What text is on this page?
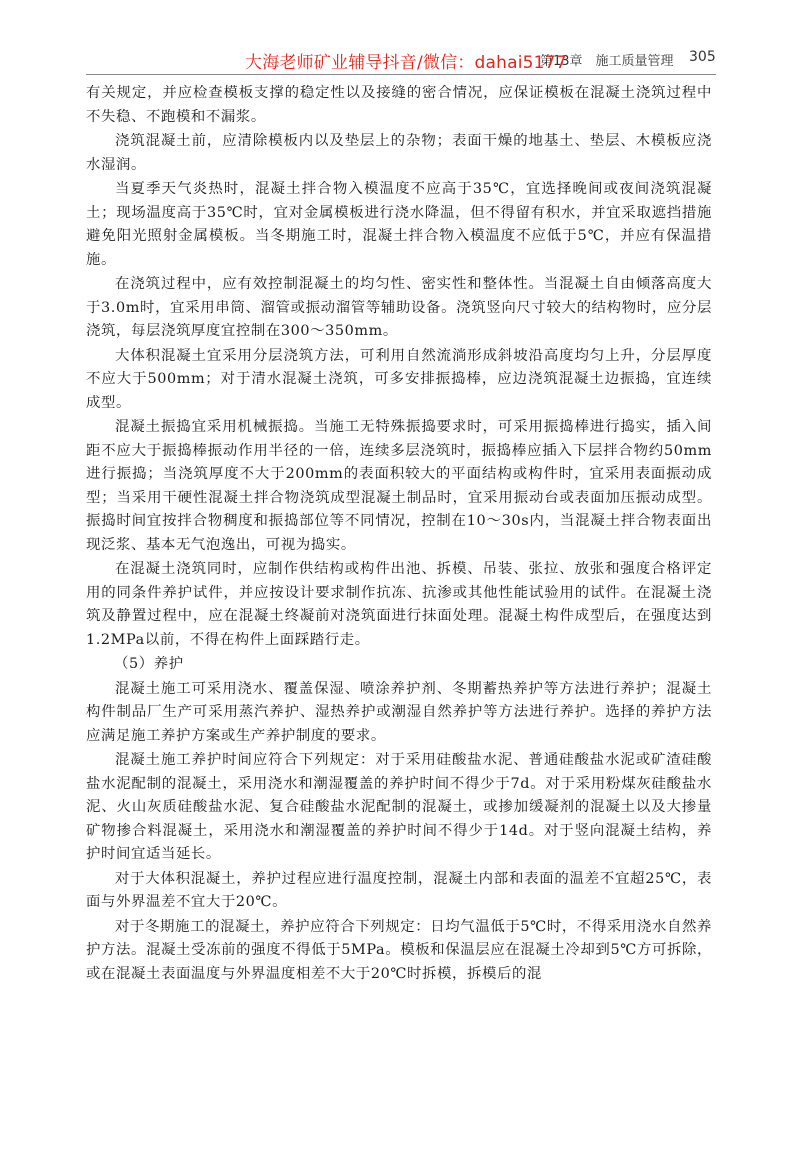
第13章　施工质量管理 305
大海老师矿业辅导抖音/微信：dahai5177

有关规定，并应检查模板支撑的稳定性以及接缝的密合情况，应保证模板在混凝土浇筑过程中不失稳、不跑模和不漏浆。

浇筑混凝土前，应清除模板内以及垫层上的杂物；表面干燥的地基土、垫层、木模板应浇水湿润。

当夏季天气炎热时，混凝土拌合物入模温度不应高于35℃，宜选择晚间或夜间浇筑混凝土；现场温度高于35℃时，宜对金属模板进行浇水降温，但不得留有积水，并宜采取遮挡措施避免阳光照射金属模板。当冬期施工时，混凝土拌合物入模温度不应低于5℃，并应有保温措施。

在浇筑过程中，应有效控制混凝土的均匀性、密实性和整体性。当混凝土自由倾落高度大于3.0m时，宜采用串筒、溜管或振动溜管等辅助设备。浇筑竖向尺寸较大的结构物时，应分层浇筑，每层浇筑厚度宜控制在300～350mm。

大体积混凝土宜采用分层浇筑方法，可利用自然流淌形成斜坡沿高度均匀上升，分层厚度不应大于500mm；对于清水混凝土浇筑，可多安排振捣棒，应边浇筑混凝土边振捣，宜连续成型。

混凝土振捣宜采用机械振捣。当施工无特殊振捣要求时，可采用振捣棒进行捣实，插入间距不应大于振捣棒振动作用半径的一倍，连续多层浇筑时，振捣棒应插入下层拌合物约50mm进行振捣；当浇筑厚度不大于200mm的表面积较大的平面结构或构件时，宜采用表面振动成型；当采用干硬性混凝土拌合物浇筑成型混凝土制品时，宜采用振动台或表面加压振动成型。振捣时间宜按拌合物稠度和振捣部位等不同情况，控制在10～30s内，当混凝土拌合物表面出现泛浆、基本无气泡逸出，可视为捣实。

在混凝土浇筑同时，应制作供结构或构件出池、拆模、吊装、张拉、放张和强度合格评定用的同条件养护试件，并应按设计要求制作抗冻、抗渗或其他性能试验用的试件。在混凝土浇筑及静置过程中，应在混凝土终凝前对浇筑面进行抹面处理。混凝土构件成型后，在强度达到1.2MPa以前，不得在构件上面踩踏行走。

（5）养护

混凝土施工可采用浇水、覆盖保湿、喷涂养护剂、冬期蓄热养护等方法进行养护；混凝土构件制品厂生产可采用蒸汽养护、湿热养护或潮湿自然养护等方法进行养护。选择的养护方法应满足施工养护方案或生产养护制度的要求。

混凝土施工养护时间应符合下列规定：对于采用硅酸盐水泥、普通硅酸盐水泥或矿渣硅酸盐水泥配制的混凝土，采用浇水和潮湿覆盖的养护时间不得少于7d。对于采用粉煤灰硅酸盐水泥、火山灰质硅酸盐水泥、复合硅酸盐水泥配制的混凝土，或掺加缓凝剂的混凝土以及大掺量矿物掺合料混凝土，采用浇水和潮湿覆盖的养护时间不得少于14d。对于竖向混凝土结构，养护时间宜适当延长。

对于大体积混凝土，养护过程应进行温度控制，混凝土内部和表面的温差不宜超25℃，表面与外界温差不宜大于20℃。

对于冬期施工的混凝土，养护应符合下列规定：日均气温低于5℃时，不得采用浇水自然养护方法。混凝土受冻前的强度不得低于5MPa。模板和保温层应在混凝土冷却到5℃方可拆除，或在混凝土表面温度与外界温度相差不大于20℃时拆模，拆模后的混
